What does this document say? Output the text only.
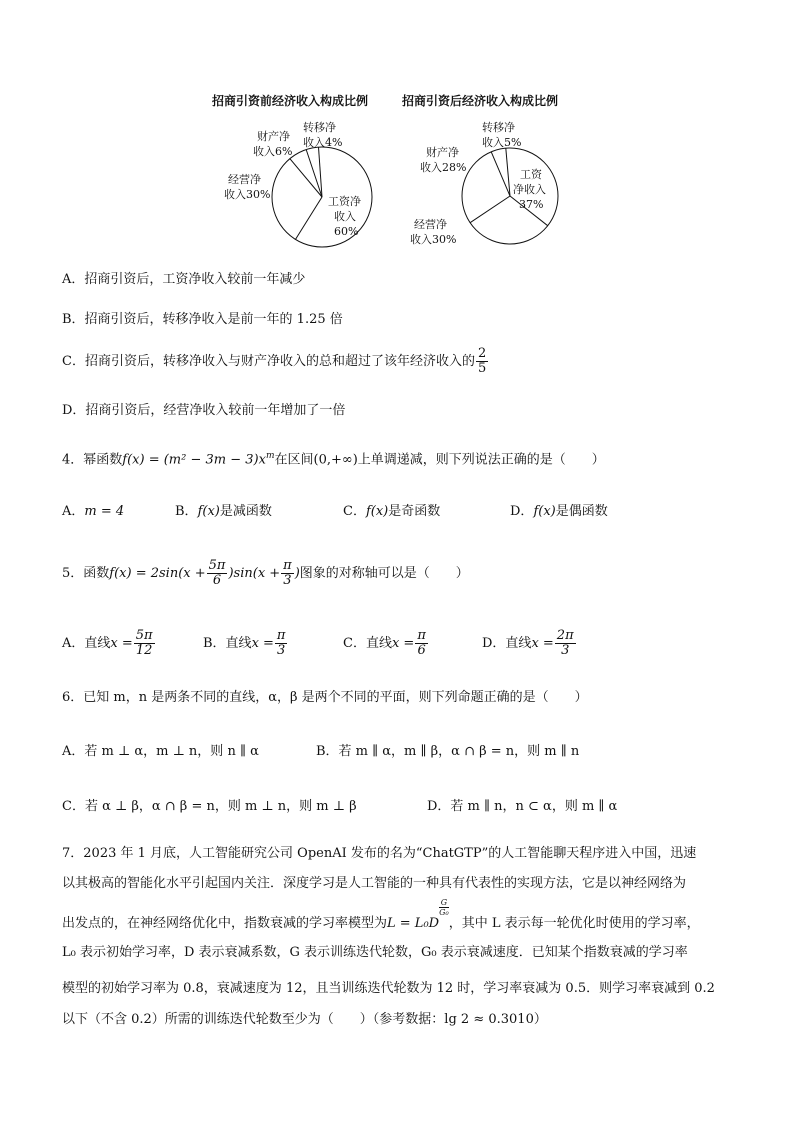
招商引资前经济收入构成比例	招商引资后经济收入构成比例
转移净
收入4%
财产净
收入6%
经营净
收入30%
工资净
收入
60%
转移净
收入5%
财产净
收入28%
经营净
收入30%
工资
净收入
37%
A．招商引资后，工资净收入较前一年减少
B．招商引资后，转移净收入是前一年的 1.25 倍
C．招商引资后，转移净收入与财产净收入的总和超过了该年经济收入的 $\frac{2}{5}$
D．招商引资后，经营净收入较前一年增加了一倍
4．幂函数$f(x) = (m^2 - 3m - 3)x^m$在区间(0,+∞)上单调递减，则下列说法正确的是（　　）
A．m = 4	B．f(x)是减函数	C．f(x)是奇函数	D．f(x)是偶函数
5．函数$f(x) = 2\sin(x + \frac{5\pi}{6} )\sin(x + \frac{\pi}{3}$ )图象的对称轴可以是（　　）
A．直线$x = \frac{5\pi}{12}$	B．直线$x = \frac{\pi}{3}$	C．直线$x = \frac{\pi}{6}$	D．直线$x = \frac{2\pi}{3}$
6．已知 m，n 是两条不同的直线，α，β 是两个不同的平面，则下列命题正确的是（　　）
A．若 m ⊥ α，m ⊥ n，则 n ∥ α	B．若 m ∥ α，m ∥ β，α ∩ β = n，则 m ∥ n
C．若 α ⊥ β，α ∩ β = n，则 m ⊥ n，则 m ⊥ β	D．若 m ∥ n，n ⊂ α，则 m ∥ α
7．2023 年 1 月底，人工智能研究公司 OpenAI 发布的名为“ChatGTP”的人工智能聊天程序进入中国，迅速
以其极高的智能化水平引起国内关注．深度学习是人工智能的一种具有代表性的实现方法，它是以神经网络为
出发点的，在神经网络优化中，指数衰减的学习率模型为L = L₀D
$\frac{G}{\text{G₀}}$
，其中 L 表示每一轮优化时使用的学习率，
L₀ 表示初始学习率，D 表示衰减系数，G 表示训练迭代轮数，G₀ 表示衰减速度．已知某个指数衰减的学习率
模型的初始学习率为 0.8，衰减速度为 12，且当训练迭代轮数为 12 时，学习率衰减为 0.5．则学习率衰减到 0.2
以下（不含 0.2）所需的训练迭代轮数至少为（　　）（参考数据：lg 2 ≈ 0.3010）
